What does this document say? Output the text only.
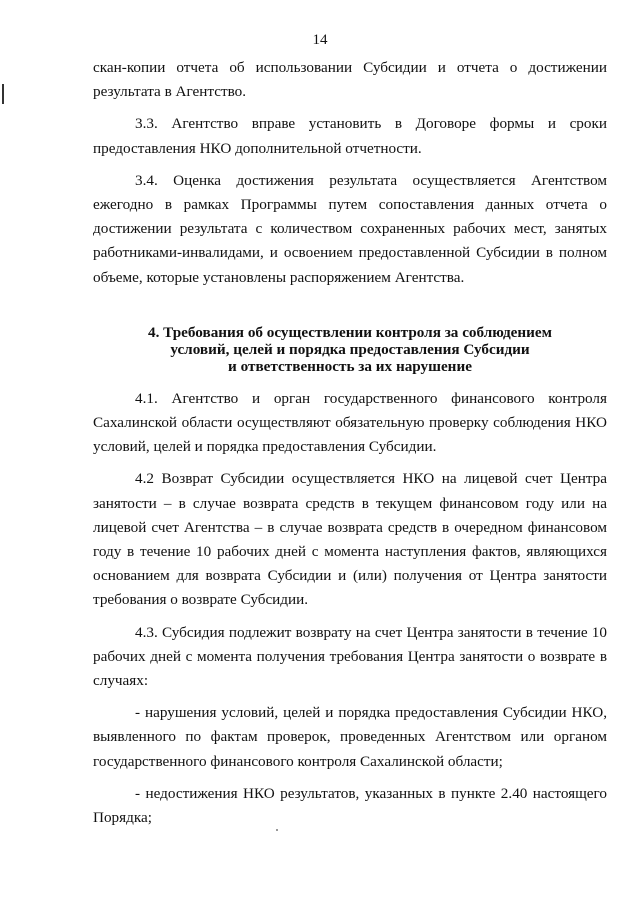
14

скан-копии отчета об использовании Субсидии и отчета о достижении результата в Агентство.

3.3. Агентство вправе установить в Договоре формы и сроки предоставления НКО дополнительной отчетности.

3.4. Оценка достижения результата осуществляется Агентством ежегодно в рамках Программы путем сопоставления данных отчета о достижении результата с количеством сохраненных рабочих мест, занятых работниками-инвалидами, и освоением предоставленной Субсидии в полном объеме, которые установлены распоряжением Агентства.

4. Требования об осуществлении контроля за соблюдением
условий, целей и порядка предоставления Субсидии
и ответственность за их нарушение

4.1. Агентство и орган государственного финансового контроля Сахалинской области осуществляют обязательную проверку соблюдения НКО условий, целей и порядка предоставления Субсидии.

4.2 Возврат Субсидии осуществляется НКО на лицевой счет Центра занятости – в случае возврата средств в текущем финансовом году или на лицевой счет Агентства – в случае возврата средств в очередном финансовом году в течение 10 рабочих дней с момента наступления фактов, являющихся основанием для возврата Субсидии и (или) получения от Центра занятости требования о возврате Субсидии.

4.3. Субсидия подлежит возврату на счет Центра занятости в течение 10 рабочих дней с момента получения требования Центра занятости о возврате в случаях:

- нарушения условий, целей и порядка предоставления Субсидии НКО, выявленного по фактам проверок, проведенных Агентством или органом государственного финансового контроля Сахалинской области;

- недостижения НКО результатов, указанных в пункте 2.40 настоящего Порядка;
